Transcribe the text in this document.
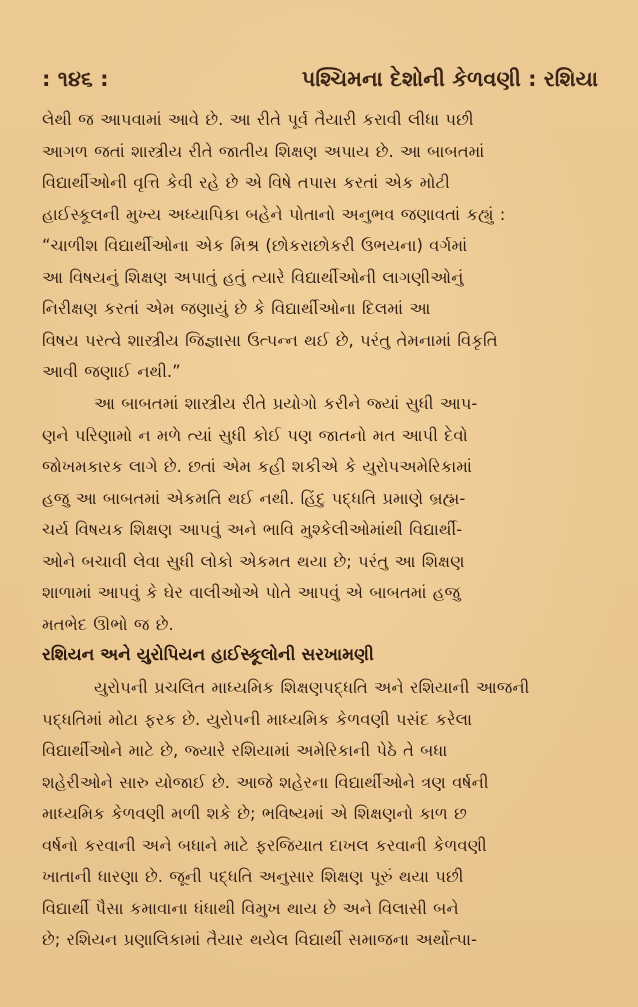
: ૧૪૬ :	પશ્ચિમના દેશોની કેળવણી : રશિયા
લેથી જ આપવામાં આવે છે. આ રીતે પૂર્વ તૈયારી કરાવી લીધા પછી
આગળ જતાં શાસ્ત્રીય રીતે જાતીય શિક્ષણ અપાય છે. આ બાબતમાં
વિદ્યાર્થીઓની વૃત્તિ કેવી રહે છે એ વિષે તપાસ કરતાં એક મોટી
હાઈસ્કૂલની મુખ્ય અધ્યાપિકા બહેને પોતાનો અનુભવ જણાવતાં કહ્યું :
“ચાળીશ વિદ્યાર્થીઓના એક મિશ્ર (છોકરાછોકરી ઉભયના) વર્ગમાં
આ વિષયનું શિક્ષણ અપાતું હતું ત્યારે વિદ્યાર્થીઓની લાગણીઓનું
નિરીક્ષણ કરતાં એમ જણાયું છે કે વિદ્યાર્થીઓના દિલમાં આ
વિષય પરત્વે શાસ્ત્રીય જિજ્ઞાસા ઉત્પન્ન થઈ છે, પરંતુ તેમનામાં વિકૃતિ
આવી જણાઈ નથી.”
આ બાબતમાં શાસ્ત્રીય રીતે પ્રયોગો કરીને જ્યાં સુધી આપ-
ણને પરિણામો ન મળે ત્યાં સુધી કોઈ પણ જાતનો મત આપી દેવો
જોખમકારક લાગે છે. છતાં એમ કહી શકીએ કે યુરોપઅમેરિકામાં
હજુ આ બાબતમાં એકમતિ થઈ નથી. હિંદુ પદ્ધતિ પ્રમાણે બ્રહ્મ-
ચર્ય વિષયક શિક્ષણ આપવું અને ભાવિ મુશ્કેલીઓમાંથી વિદ્યાર્થી-
ઓને બચાવી લેવા સુધી લોકો એકમત થયા છે; પરંતુ આ શિક્ષણ
શાળામાં આપવું કે ઘેર વાલીઓએ પોતે આપવું એ બાબતમાં હજુ
મતભેદ ઊભો જ છે.
રશિયન અને યુરોપિયન હાઈસ્કૂલોની સરખામણી
યુરોપની પ્રચલિત માધ્યમિક શિક્ષણપદ્ધતિ અને રશિયાની આજની
પદ્ધતિમાં મોટા ફરક છે. યુરોપની માધ્યમિક કેળવણી પસંદ કરેલા
વિદ્યાર્થીઓને માટે છે, જ્યારે રશિયામાં અમેરિકાની પેઠે તે બધા
શહેરીઓને સારુ યોજાઈ છે. આજે શહેરના વિદ્યાર્થીઓને ત્રણ વર્ષની
માધ્યમિક કેળવણી મળી શકે છે; ભવિષ્યમાં એ શિક્ષણનો કાળ છ
વર્ષનો કરવાની અને બધાને માટે ફરજિયાત દાખલ કરવાની કેળવણી
ખાતાની ધારણા છે. જૂની પદ્ધતિ અનુસાર શિક્ષણ પૂરું થયા પછી
વિદ્યાર્થી પૈસા કમાવાના ધંધાથી વિમુખ થાય છે અને વિલાસી બને
છે; રશિયન પ્રણાલિકામાં તૈયાર થયેલ વિદ્યાર્થી સમાજના અર્થોત્પા-
